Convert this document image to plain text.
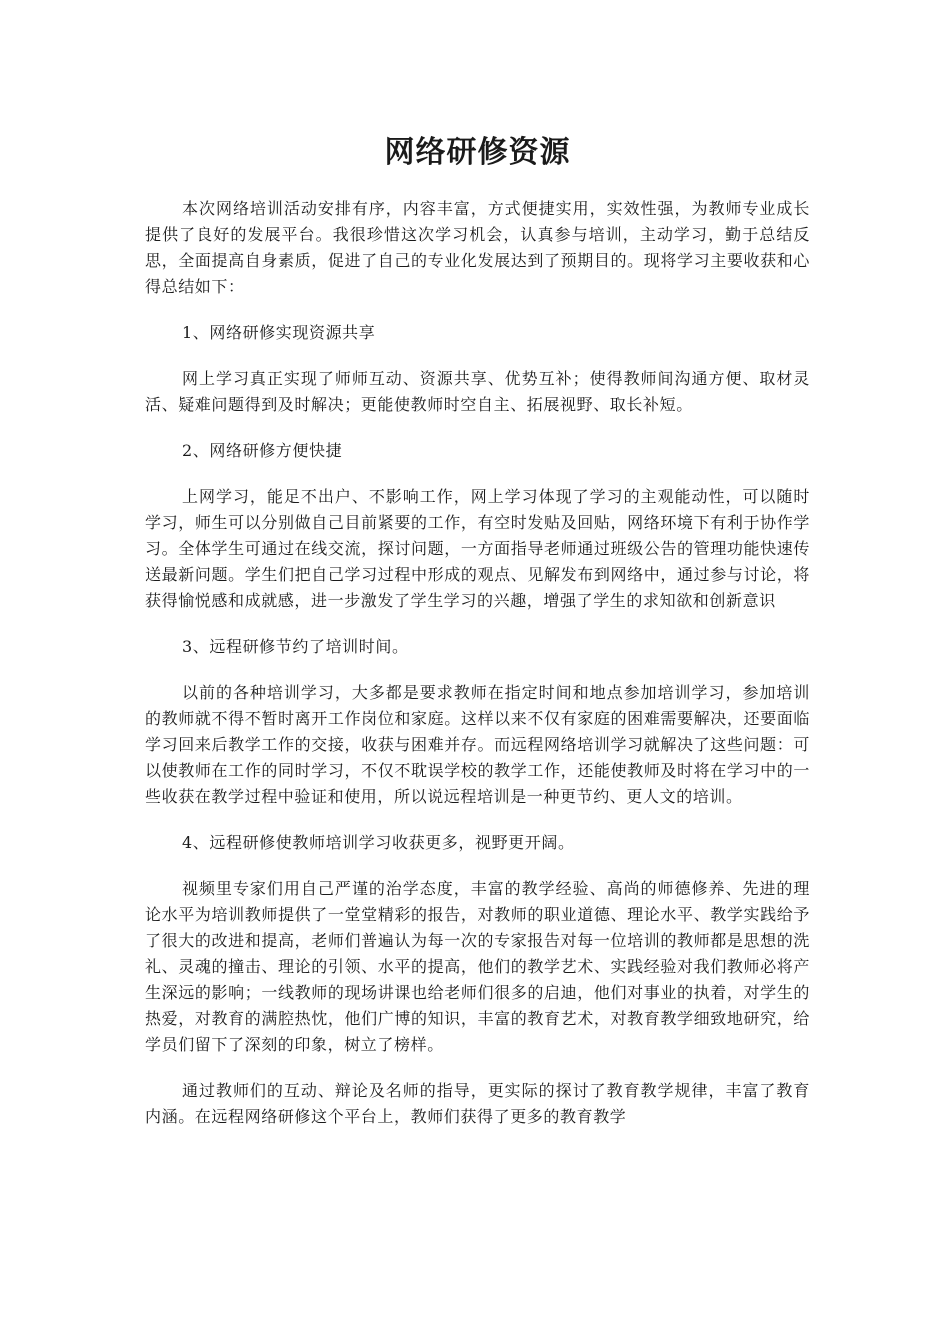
网络研修资源

本次网络培训活动安排有序，内容丰富，方式便捷实用，实效性强，为教师专业成长提供了良好的发展平台。我很珍惜这次学习机会，认真参与培训，主动学习，勤于总结反思，全面提高自身素质，促进了自己的专业化发展达到了预期目的。现将学习主要收获和心得总结如下：

1、网络研修实现资源共享

网上学习真正实现了师师互动、资源共享、优势互补；使得教师间沟通方便、取材灵活、疑难问题得到及时解决；更能使教师时空自主、拓展视野、取长补短。

2、网络研修方便快捷

上网学习，能足不出户、不影响工作，网上学习体现了学习的主观能动性，可以随时学习，师生可以分别做自己目前紧要的工作，有空时发贴及回贴，网络环境下有利于协作学习。全体学生可通过在线交流，探讨问题，一方面指导老师通过班级公告的管理功能快速传送最新问题。学生们把自己学习过程中形成的观点、见解发布到网络中，通过参与讨论，将获得愉悦感和成就感，进一步激发了学生学习的兴趣，增强了学生的求知欲和创新意识

3、远程研修节约了培训时间。

以前的各种培训学习，大多都是要求教师在指定时间和地点参加培训学习，参加培训的教师就不得不暂时离开工作岗位和家庭。这样以来不仅有家庭的困难需要解决，还要面临学习回来后教学工作的交接，收获与困难并存。而远程网络培训学习就解决了这些问题：可以使教师在工作的同时学习，不仅不耽误学校的教学工作，还能使教师及时将在学习中的一些收获在教学过程中验证和使用，所以说远程培训是一种更节约、更人文的培训。

4、远程研修使教师培训学习收获更多，视野更开阔。

视频里专家们用自己严谨的治学态度，丰富的教学经验、高尚的师德修养、先进的理论水平为培训教师提供了一堂堂精彩的报告，对教师的职业道德、理论水平、教学实践给予了很大的改进和提高，老师们普遍认为每一次的专家报告对每一位培训的教师都是思想的洗礼、灵魂的撞击、理论的引领、水平的提高，他们的教学艺术、实践经验对我们教师必将产生深远的影响；一线教师的现场讲课也给老师们很多的启迪，他们对事业的执着，对学生的热爱，对教育的满腔热忱，他们广博的知识，丰富的教育艺术，对教育教学细致地研究，给学员们留下了深刻的印象，树立了榜样。

通过教师们的互动、辩论及名师的指导，更实际的探讨了教育教学规律，丰富了教育内涵。在远程网络研修这个平台上，教师们获得了更多的教育教学
